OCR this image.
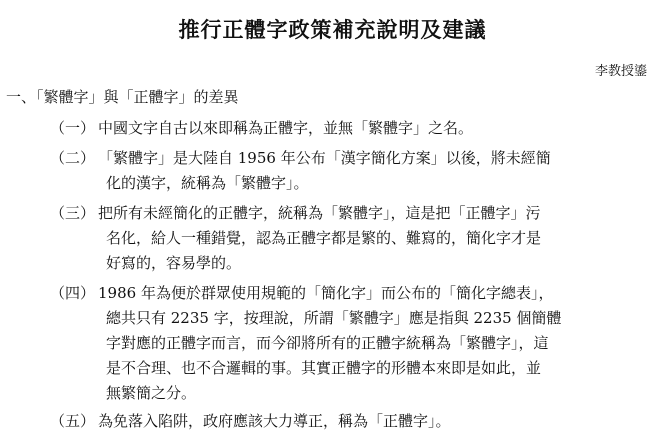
推行正體字政策補充說明及建議
李教授鎏
一、「繁體字」與「正體字」的差異
（一） 中國文字自古以來即稱為正體字，並無「繁體字」之名。
（二） 「繁體字」是大陸自 1956 年公布「漢字簡化方案」以後，將未經簡
化的漢字，統稱為「繁體字」。
（三） 把所有未經簡化的正體字，統稱為「繁體字」，這是把「正體字」污
名化，給人一種錯覺，認為正體字都是繁的、難寫的，簡化字才是
好寫的，容易學的。
（四） 1986 年為便於群眾使用規範的「簡化字」而公布的「簡化字總表」，
總共只有 2235 字，按理說，所謂「繁體字」應是指與 2235 個簡體
字對應的正體字而言，而今卻將所有的正體字統稱為「繁體字」，這
是不合理、也不合邏輯的事。其實正體字的形體本來即是如此，並
無繁簡之分。
（五） 為免落入陷阱，政府應該大力導正，稱為「正體字」。
